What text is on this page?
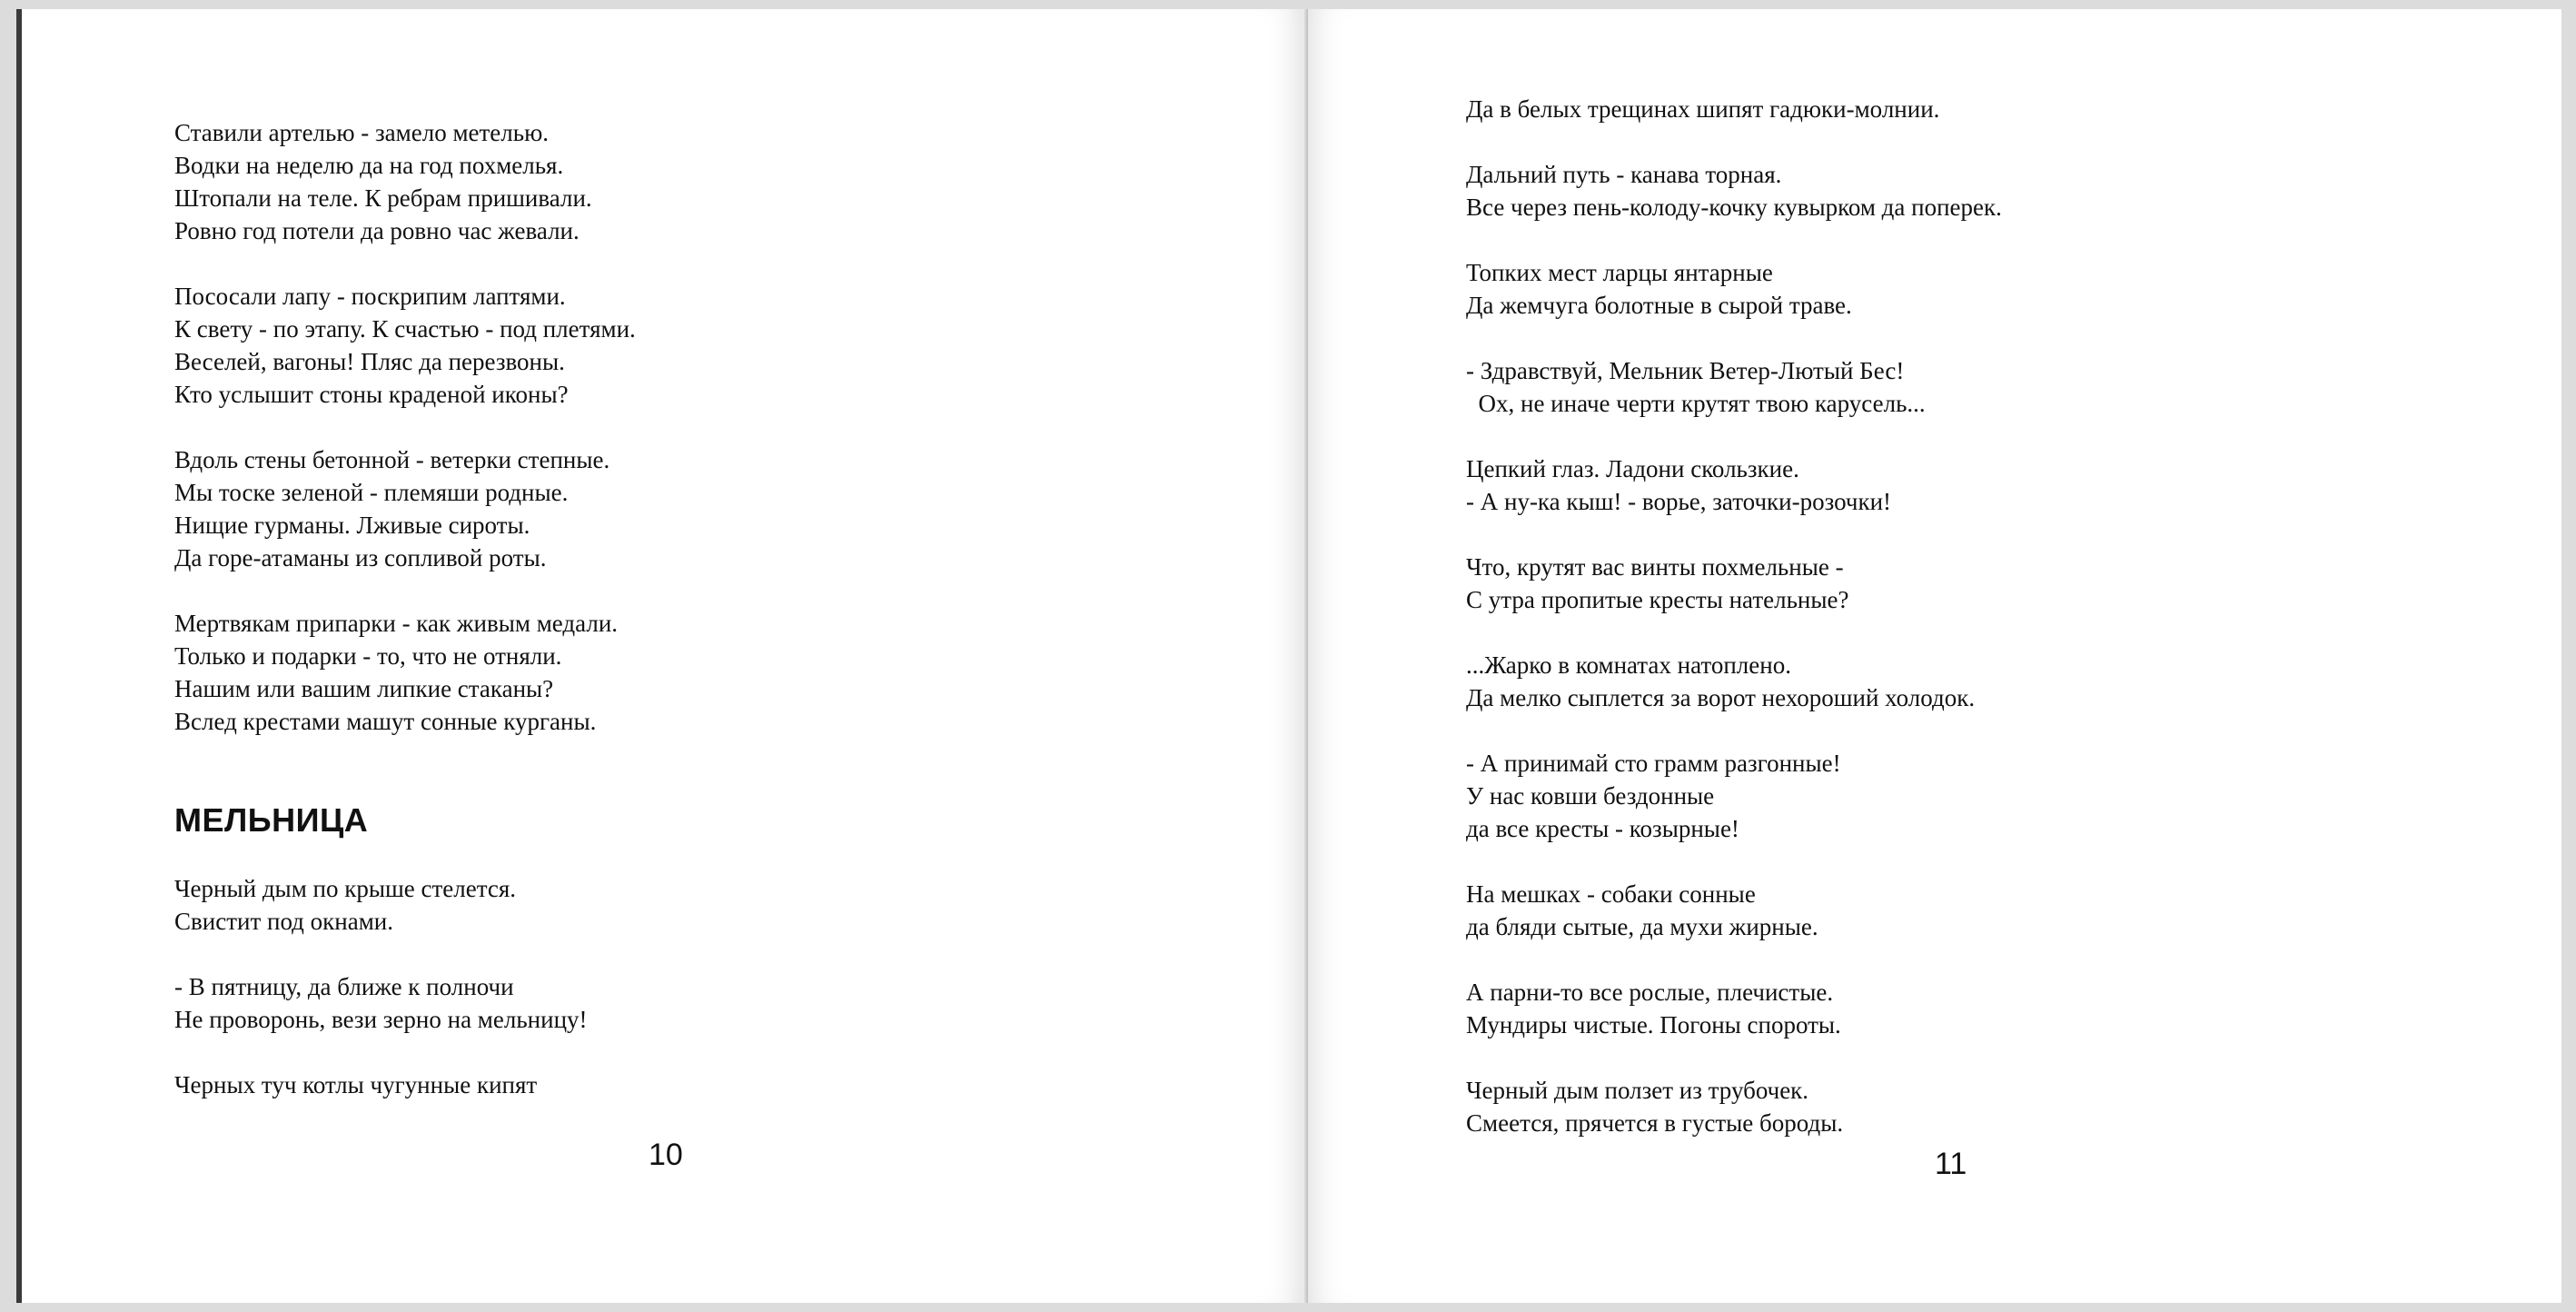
Ставили артелью - замело метелью.
Водки на неделю да на год похмелья.
Штопали на теле. К ребрам пришивали.
Ровно год потели да ровно час жевали.
Пососали лапу - поскрипим лаптями.
К свету - по этапу. К счастью - под плетями.
Веселей, вагоны! Пляс да перезвоны.
Кто услышит стоны краденой иконы?
Вдоль стены бетонной - ветерки степные.
Мы тоске зеленой - племяши родные.
Нищие гурманы. Лживые сироты.
Да горе-атаманы из сопливой роты.
Мертвякам припарки - как живым медали.
Только и подарки - то, что не отняли.
Нашим или вашим липкие стаканы?
Вслед крестами машут сонные курганы.
МЕЛЬНИЦА
Черный дым по крыше стелется.
Свистит под окнами.
- В пятницу, да ближе к полночи
Не проворонь, вези зерно на мельницу!
Черных туч котлы чугунные кипят
10
Да в белых трещинах шипят гадюки-молнии.
Дальний путь - канава торная.
Все через пень-колоду-кочку кувырком да поперек.
Топких мест ларцы янтарные
Да жемчуга болотные в сырой траве.
- Здравствуй, Мельник Ветер-Лютый Бес!
Ох, не иначе черти крутят твою карусель...
Цепкий глаз. Ладони скользкие.
- А ну-ка кыш! - ворье, заточки-розочки!
Что, крутят вас винты похмельные -
С утра пропитые кресты нательные?
...Жарко в комнатах натоплено.
Да мелко сыплется за ворот нехороший холодок.
- А принимай сто грамм разгонные!
У нас ковши бездонные
да все кресты - козырные!
На мешках - собаки сонные
да бляди сытые, да мухи жирные.
А парни-то все рослые, плечистые.
Мундиры чистые. Погоны спороты.
Черный дым ползет из трубочек.
Смеется, прячется в густые бороды.
11
